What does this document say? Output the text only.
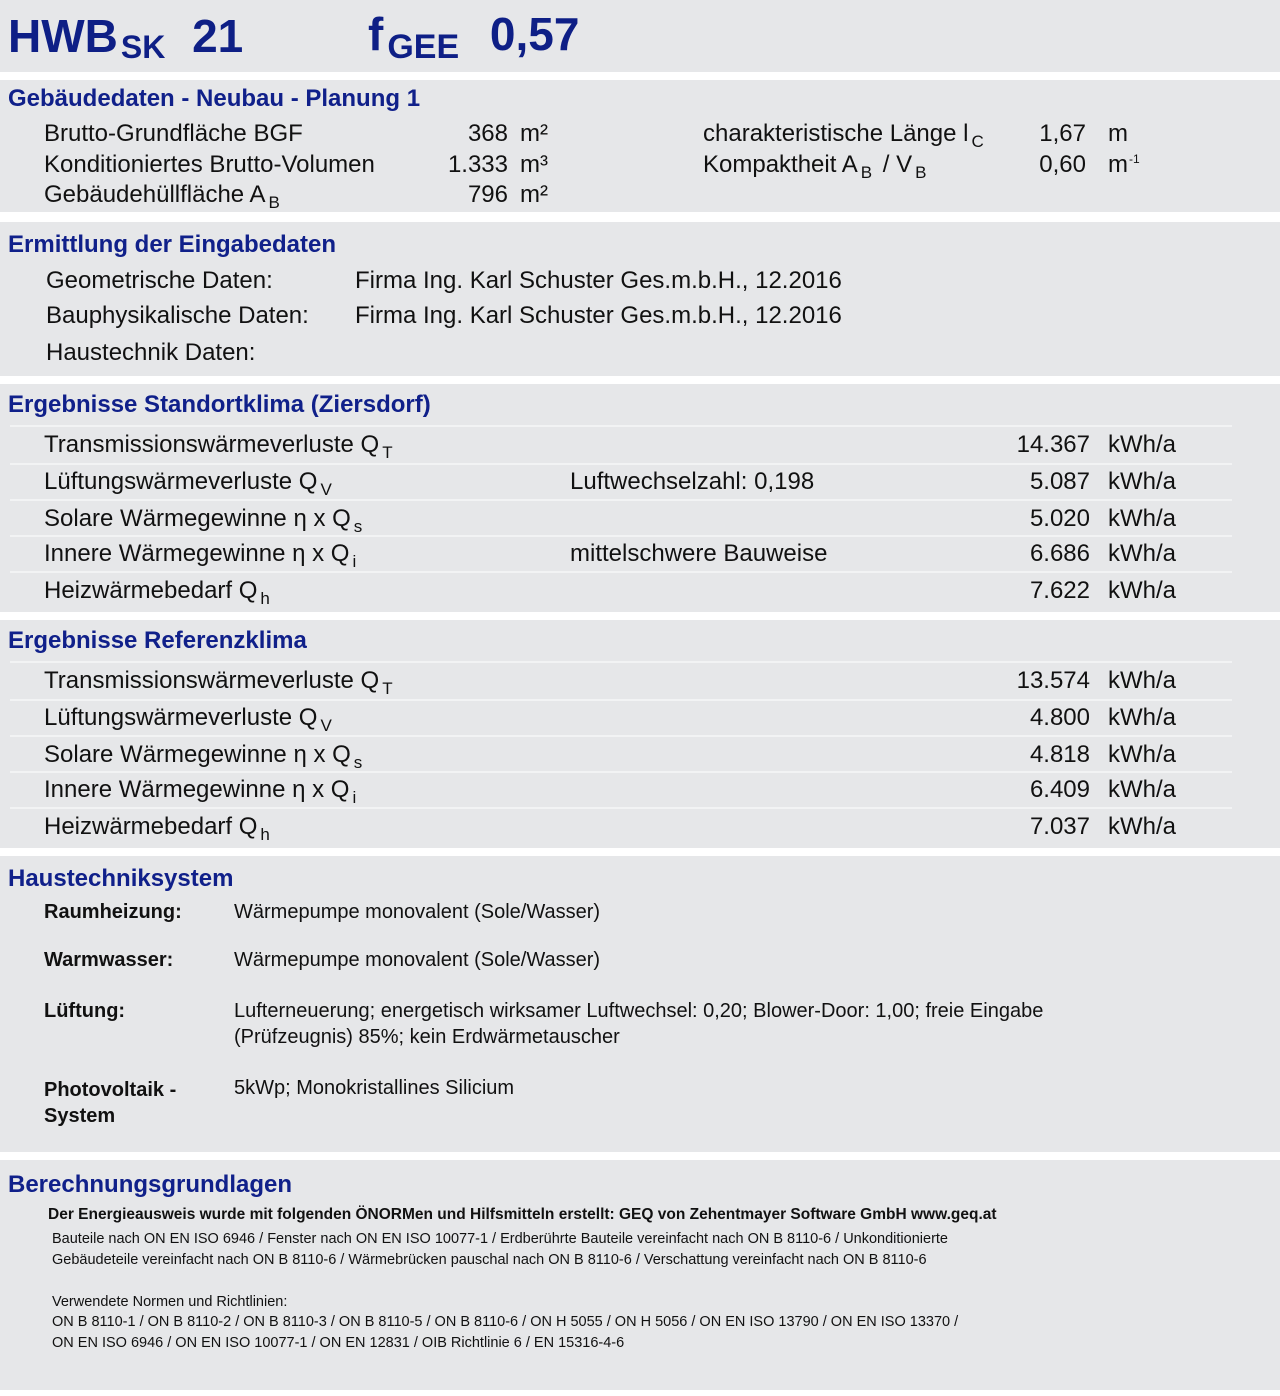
HWBSK 21	f GEE 0,57
Gebäudedaten - Neubau - Planung 1
Brutto-Grundfläche BGF	368 m²
Konditioniertes Brutto-Volumen	1.333 m³
Gebäudehüllfläche A $_B$	796 m²
charakteristische Länge l $_C$	1,67 m
Kompaktheit A $_B$ / V $_B$	0,60 $m^{-1}$
Ermittlung der Eingabedaten
Geometrische Daten:	Firma Ing. Karl Schuster Ges.m.b.H., 12.2016
Bauphysikalische Daten: Firma Ing. Karl Schuster Ges.m.b.H., 12.2016
Haustechnik Daten:
Ergebnisse Standortklima (Ziersdorf)
Transmissionswärmeverluste Q $_T$	14.367 kWh/a
Lüftungswärmeverluste Q $_V$	Luftwechselzahl: 0,198	5.087 kWh/a
Solare Wärmegewinne η x Q $_s$	5.020 kWh/a
Innere Wärmegewinne η x Q $_i$	mittelschwere Bauweise	6.686 kWh/a
Heizwärmebedarf Q $_h$	7.622 kWh/a
Ergebnisse Referenzklima
Transmissionswärmeverluste Q $_T$	13.574 kWh/a
Lüftungswärmeverluste Q $_V$	4.800 kWh/a
Solare Wärmegewinne η x Q $_s$	4.818 kWh/a
Innere Wärmegewinne η x Q $_i$	6.409 kWh/a
Heizwärmebedarf Q $_h$	7.037 kWh/a
Haustechniksystem
Raumheizung:	Wärmepumpe monovalent (Sole/Wasser)
Warmwasser:	Wärmepumpe monovalent (Sole/Wasser)
Lüftung:	Lufterneuerung; energetisch wirksamer Luftwechsel: 0,20; Blower-Door: 1,00; freie Eingabe
(Prüfzeugnis) 85%; kein Erdwärmetauscher
Photovoltaik -
System
5kWp; Monokristallines Silicium
Berechnungsgrundlagen
Der Energieausweis wurde mit folgenden ÖNORMen und Hilfsmitteln erstellt: GEQ von Zehentmayer Software GmbH www.geq.at
Bauteile nach ON EN ISO 6946 / Fenster nach ON EN ISO 10077-1 / Erdberührte Bauteile vereinfacht nach ON B 8110-6 / Unkonditionierte
Gebäudeteile vereinfacht nach ON B 8110-6 / Wärmebrücken pauschal nach ON B 8110-6 / Verschattung vereinfacht nach ON B 8110-6
Verwendete Normen und Richtlinien:
ON B 8110-1 / ON B 8110-2 / ON B 8110-3 / ON B 8110-5 / ON B 8110-6 / ON H 5055 / ON H 5056 / ON EN ISO 13790 / ON EN ISO 13370 /
ON EN ISO 6946 / ON EN ISO 10077-1 / ON EN 12831 / OIB Richtlinie 6 / EN 15316-4-6
